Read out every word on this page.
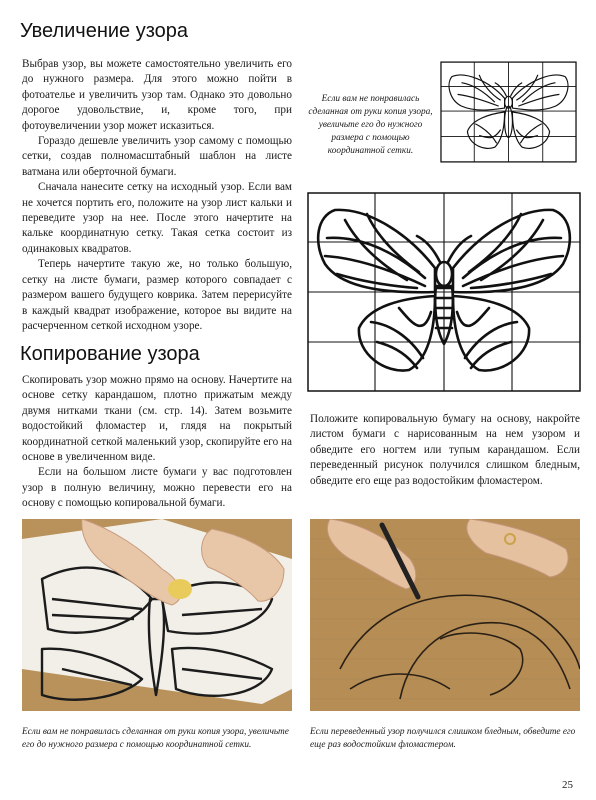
Увеличение узора

Выбрав узор, вы можете самостоятельно увеличить его до нужного размера. Для этого можно пойти в фотоателье и увеличить узор там. Однако это довольно дорогое удовольствие, и, кроме того, при фотоувеличении узор может исказиться.

Гораздо дешевле увеличить узор самому с помощью сетки, создав полномасштабный шаблон на листе ватмана или оберточной бумаги.

Сначала нанесите сетку на исходный узор. Если вам не хочется портить его, положите на узор лист кальки и переведите узор на нее. После этого начертите на кальке координатную сетку. Такая сетка состоит из одинаковых квадратов.

Теперь начертите такую же, но только большую, сетку на листе бумаги, размер которого совпадает с размером вашего будущего коврика. Затем перерисуйте в каждый квадрат изображение, которое вы видите на расчерченном сеткой исходном узоре.

Копирование узора

Скопировать узор можно прямо на основу. Начертите на основе сетку карандашом, плотно прижатым между двумя нитками ткани (см. стр. 14). Затем возьмите водостойкий фломастер и, глядя на покрытый координатной сеткой маленький узор, скопируйте его на основе в увеличенном виде.

Если на большом листе бумаги у вас подготовлен узор в полную величину, можно перевести его на основу с помощью копировальной бумаги.

Если вам не понравилась сделанная от руки копия узора, увеличьте его до нужного размера с помощью координатной сетки.

Положите копировальную бумагу на основу, накройте листом бумаги с нарисованным на нем узором и обведите его ногтем или тупым карандашом. Если переведенный рисунок получился слишком бледным, обведите его еще раз водостойким фломастером.

Если вам не понравилась сделанная от руки копия узора, увеличьте его до нужного размера с помощью координатной сетки.

Если переведенный узор получился слишком бледным, обведите его еще раз водостойким фломастером.

25
